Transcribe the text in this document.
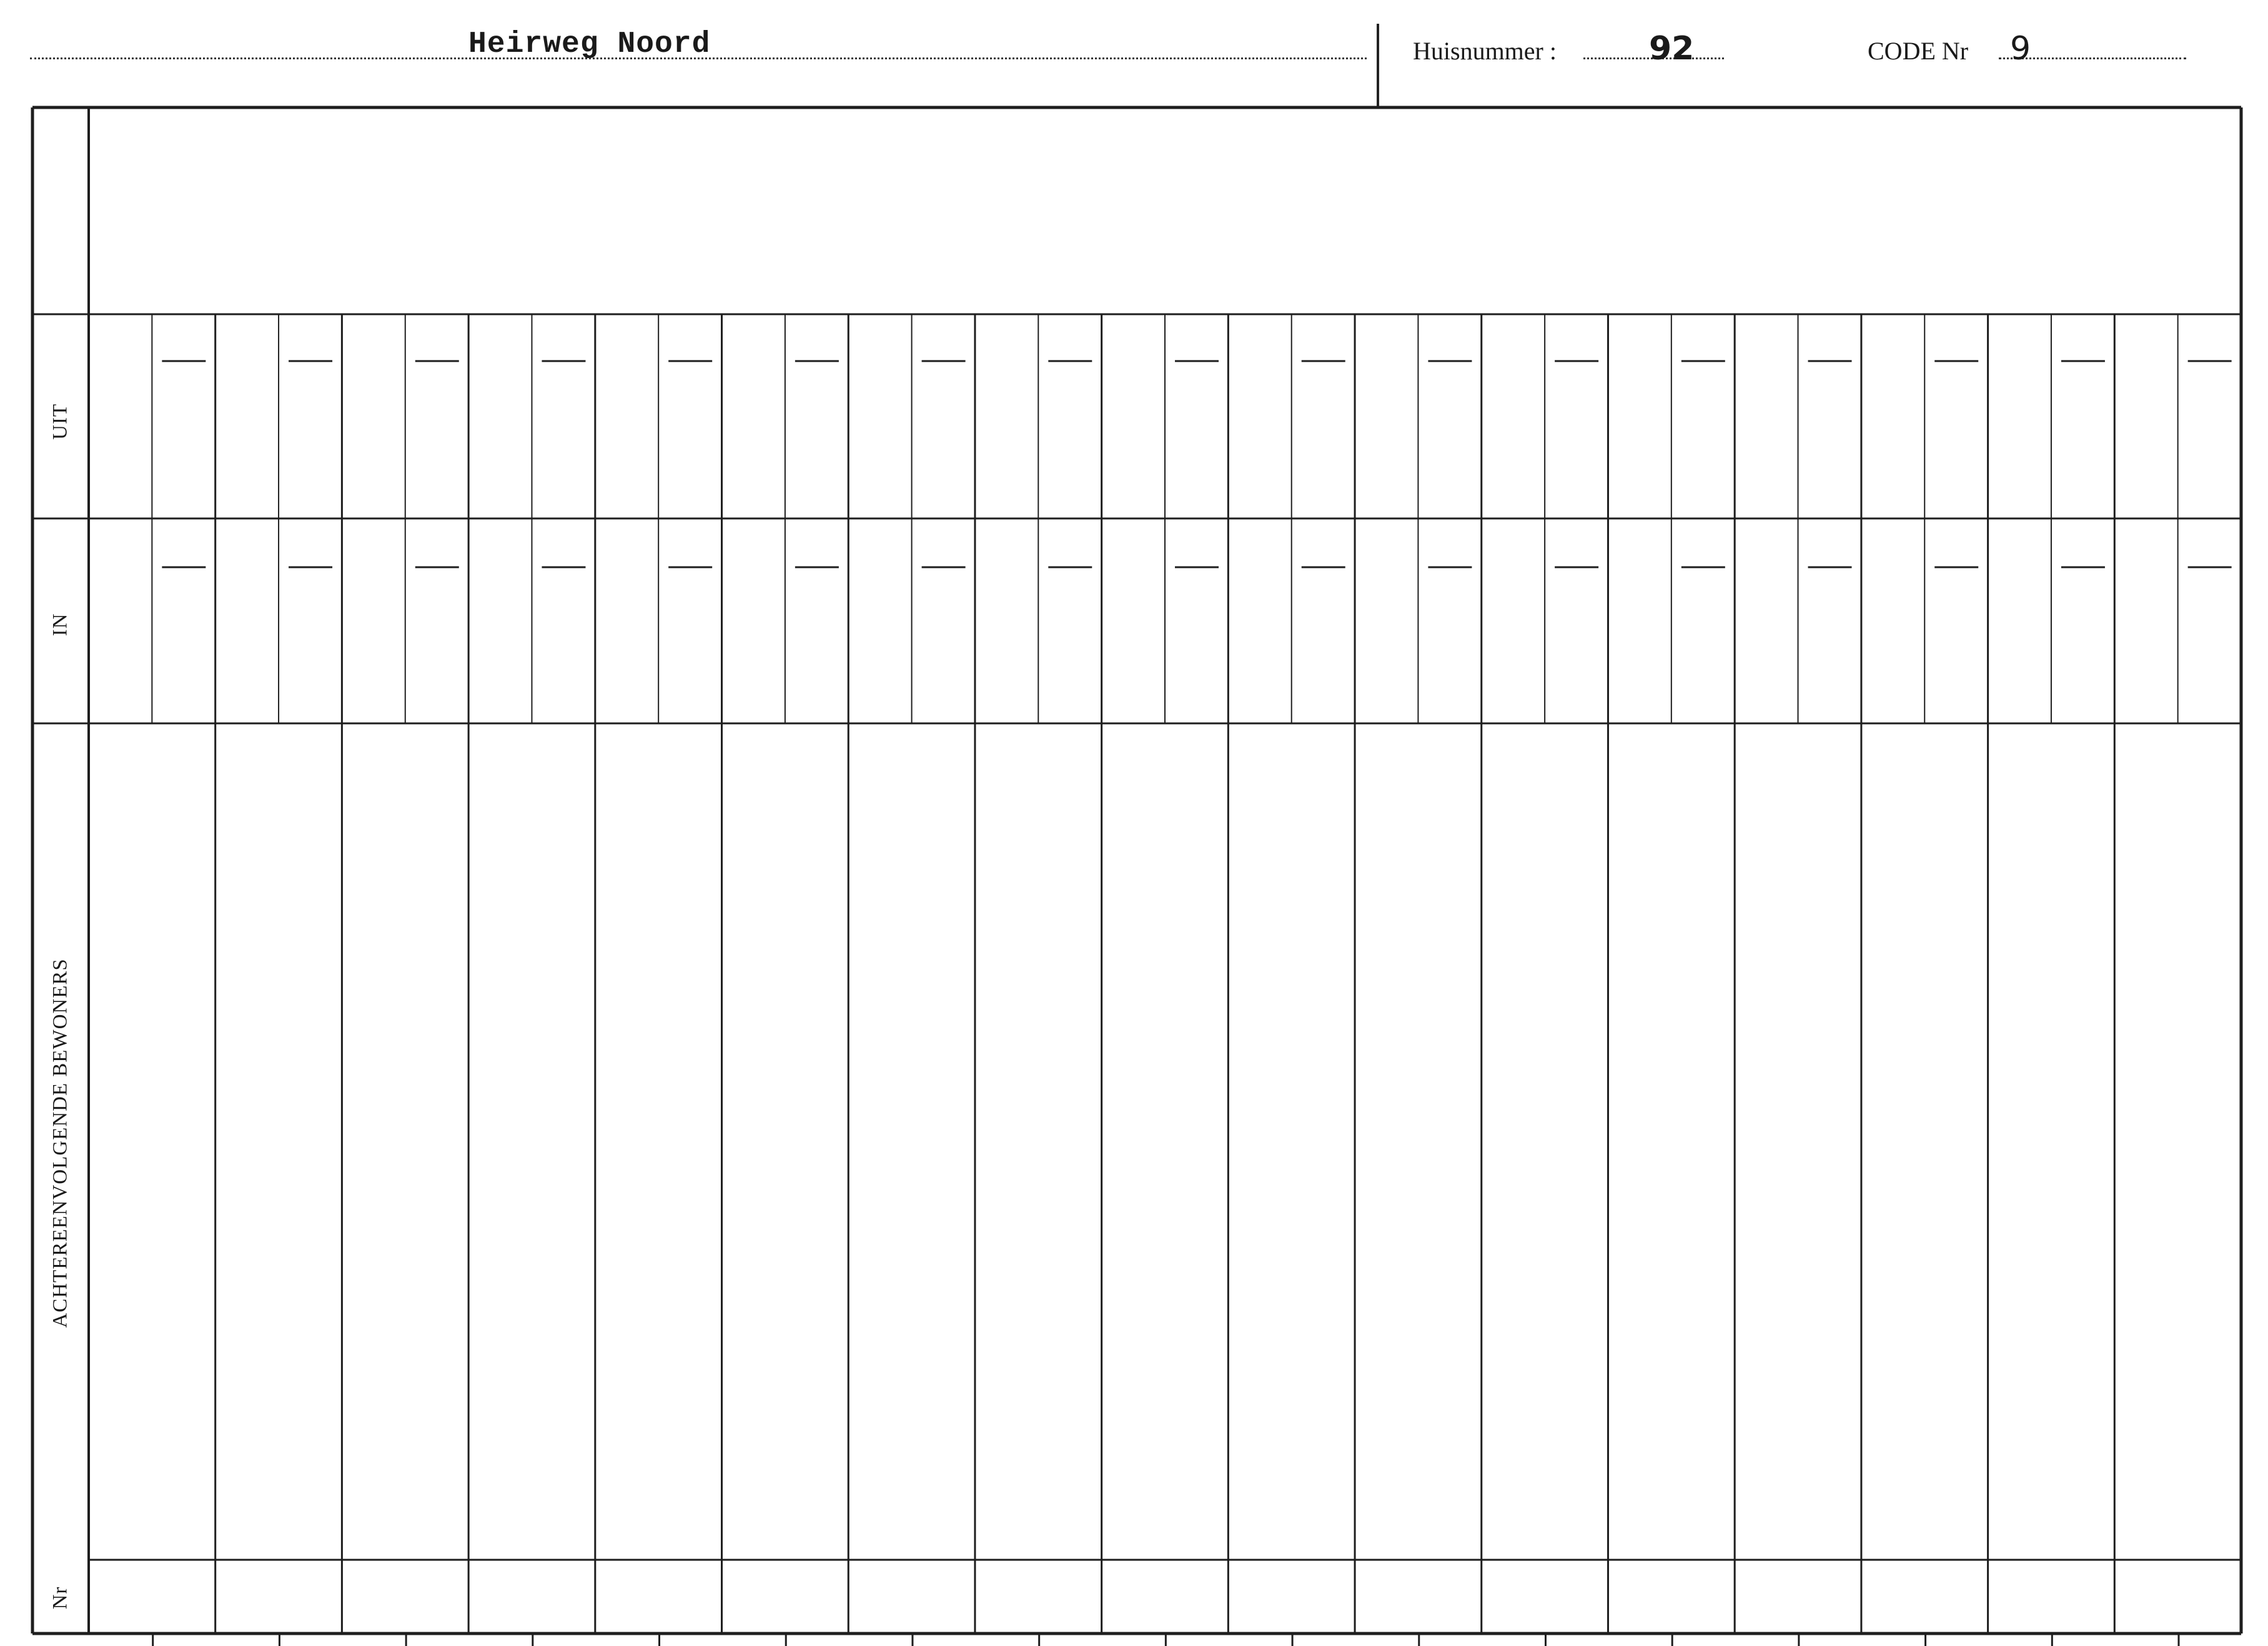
Heirweg Noord	Huisnummer :	92	CODE Nr 9
UIT
IN
ACHTEREENVOLGENDE BEWONERS
Nr
